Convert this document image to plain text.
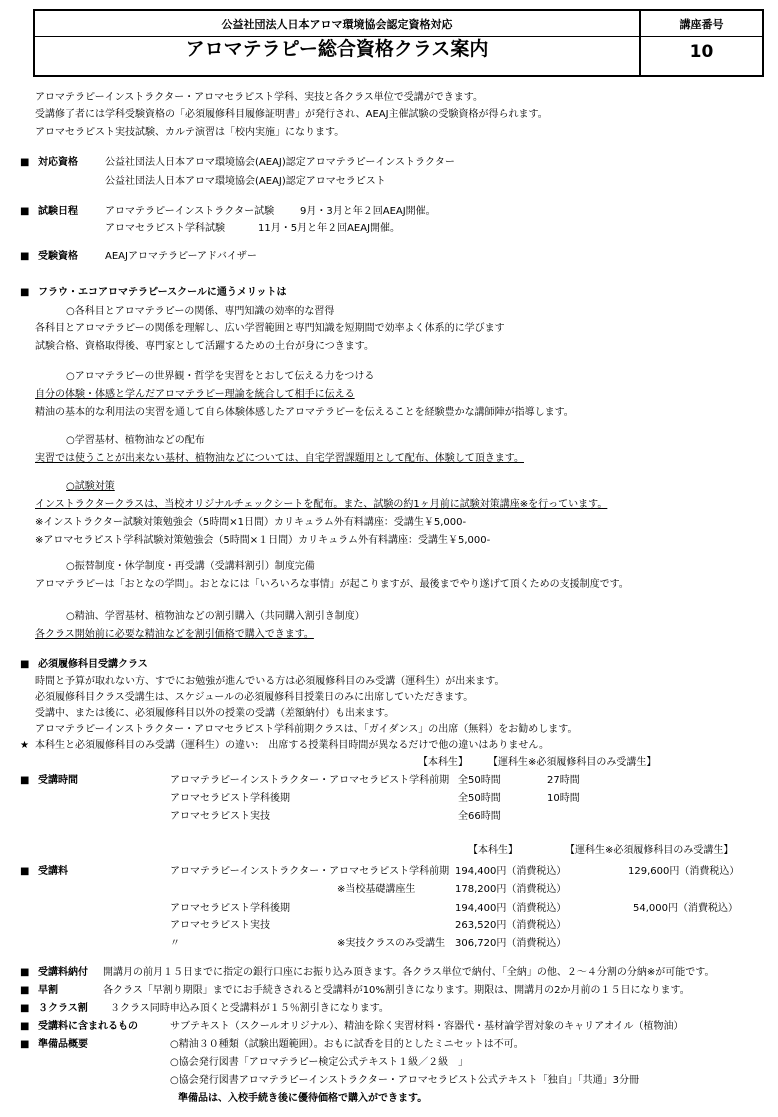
公益社団法人日本アロマ環境協会認定資格対応
アロマテラピー総合資格クラス案内
講座番号
10
アロマテラピーインストラクター・アロマセラピスト学科、実技と各クラス単位で受講ができます。
受講修了者には学科受験資格の「必須履修科目履修証明書」が発行され、AEAJ主催試験の受験資格が得られます。
アロマセラピスト実技試験、カルテ演習は「校内実施」になります。
■ 対応資格	公益社団法人日本アロマ環境協会(AEAJ)認定アロマテラピーインストラクター
公益社団法人日本アロマ環境協会(AEAJ)認定アロマセラピスト
■ 試験日程	アロマテラピーインストラクター試験	9月・3月と年２回AEAJ開催。
アロマセラピスト学科試験	11月・5月と年２回AEAJ開催。
■ 受験資格	AEAJアロマテラピーアドバイザー
■ フラウ・エコアロマテラピースクールに通うメリットは
○各科目とアロマテラピーの関係、専門知識の効率的な習得
各科目とアロマテラピーの関係を理解し、広い学習範囲と専門知識を短期間で効率よく体系的に学びます
試験合格、資格取得後、専門家として活躍するための土台が身につきます。
○アロマテラピーの世界観・哲学を実習をとおして伝える力をつける
自分の体験・体感と学んだアロマテラピー理論を統合して相手に伝える
精油の基本的な利用法の実習を通して自ら体験体感したアロマテラピーを伝えることを経験豊かな講師陣が指導します。
○学習基材、植物油などの配布
実習では使うことが出来ない基材、植物油などについては、自宅学習課題用として配布、体験して頂きます。
○試験対策
インストラクタークラスは、当校オリジナルチェックシートを配布。また、試験の約1ヶ月前に試験対策講座※を行っています。
※インストラクター試験対策勉強会（5時間×1日間）カリキュラム外有料講座：受講生￥5,000-
※アロマセラピスト学科試験対策勉強会（5時間×１日間）カリキュラム外有料講座：受講生￥5,000-
○振替制度・休学制度・再受講（受講料割引）制度完備
アロマテラピーは「おとなの学問」。おとなには「いろいろな事情」が起こりますが、最後までやり遂げて頂くための支援制度です。
○精油、学習基材、植物油などの割引購入（共同購入割引き制度）
各クラス開始前に必要な精油などを割引価格で購入できます。
■ 必須履修科目受講クラス
時間と予算が取れない方、すでにお勉強が進んでいる方は必須履修科目のみ受講（運科生）が出来ます。
必須履修科目クラス受講生は、スケジュールの必須履修科目授業日のみに出席していただきます。
受講中、または後に、必須履修科目以外の授業の受講（差額納付）も出来ます。
アロマテラピーインストラクター・アロマセラピスト学科前期クラスは、「ガイダンス」の出席（無料）をお勧めします。
★ 本科生と必須履修科目のみ受講（運科生）の違い:　出席する授業科目時間が異なるだけで他の違いはありません。
【本科生】 【運科生※必須履修科目のみ受講生】
■ 受講時間	アロマテラピーインストラクター・アロマセラピスト学科前期 全50時間	27時間
アロマセラピスト学科後期	全50時間	10時間
アロマセラピスト実技	全66時間
【本科生】	【運科生※必須履修科目のみ受講生】
■ 受講料	アロマテラピーインストラクター・アロマセラピスト学科前期 194,400円（消費税込）	129,600円（消費税込）
※当校基礎講座生	178,200円（消費税込）
アロマセラピスト学科後期	194,400円（消費税込）	54,000円（消費税込）
アロマセラピスト実技	263,520円（消費税込）
〃	※実技クラスのみ受講生 306,720円（消費税込）
■ 受講料納付 開講月の前月１５日までに指定の銀行口座にお振り込み頂きます。各クラス単位で納付、「全納」の他、２～４分割の分納※が可能です。
■ 早割	各クラス「早割り期限」までにお手続きされると受講料が10%割引きになります。期限は、開講月の2か月前の１５日になります。
■ ３クラス割 ３クラス同時申込み頂くと受講料が１５％割引きになります。
■ 受講料に含まれるもの	サブテキスト（スクールオリジナル）、精油を除く実習材料・容器代・基材論学習対象のキャリアオイル（植物油）
■ 準備品概要	○精油３０種類（試験出題範囲）。おもに試香を目的としたミニセットは不可。
○協会発行図書「アロマテラピー検定公式テキスト１級／２級　」
○協会発行図書アロマテラピーインストラクター・アロマセラピスト公式テキスト「独自」「共通」3分冊
準備品は、入校手続き後に優待価格で購入ができます。
